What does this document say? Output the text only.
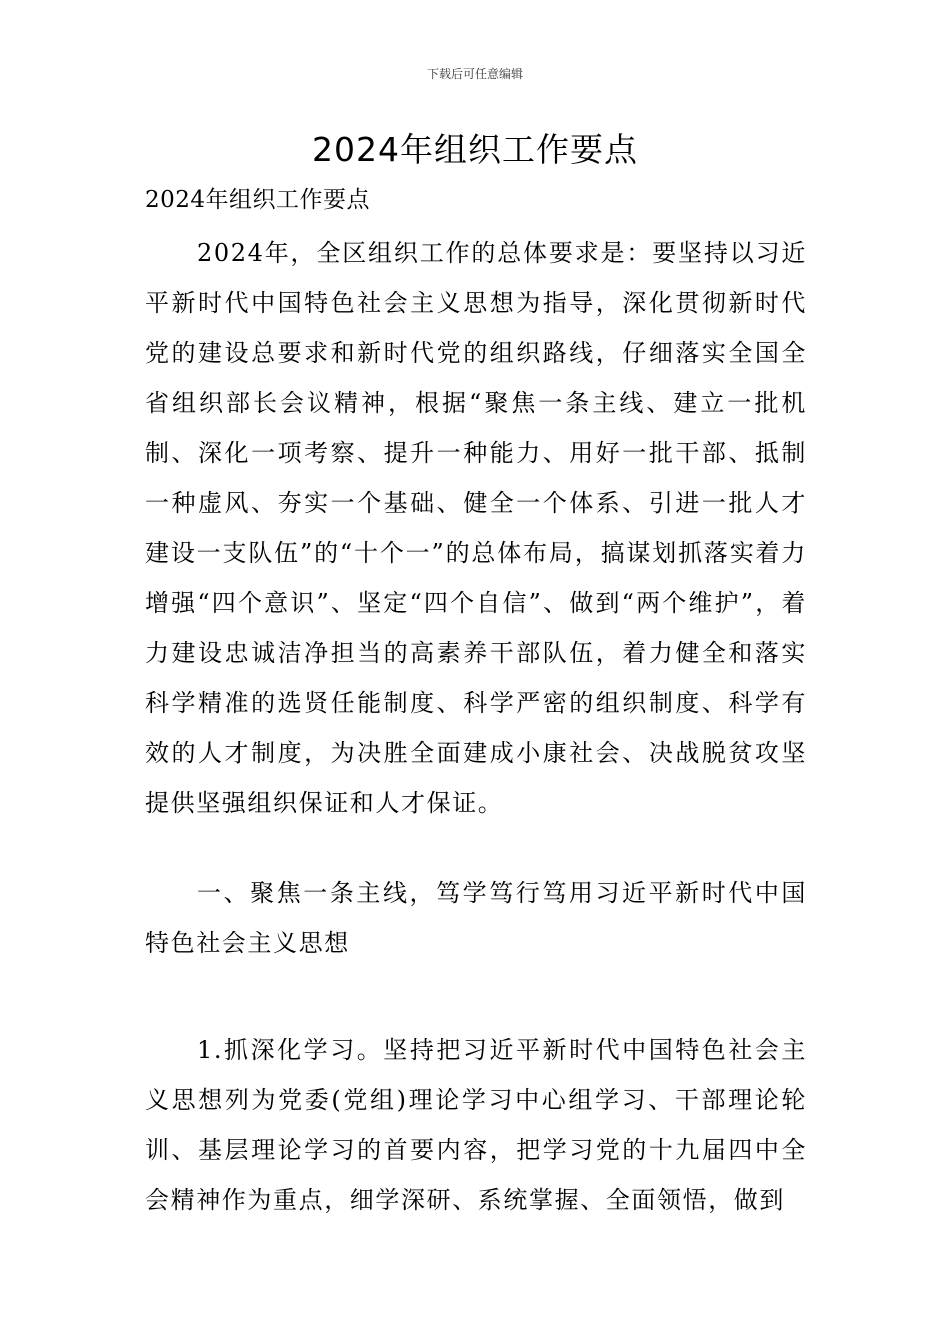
下载后可任意编辑
2024年组织工作要点
2024年组织工作要点
2024年，全区组织工作的总体要求是：要坚持以习近平新时代中国特色社会主义思想为指导，深化贯彻新时代党的建设总要求和新时代党的组织路线，仔细落实全国全省组织部长会议精神，根据“聚焦一条主线、建立一批机制、深化一项考察、提升一种能力、用好一批干部、抵制一种虚风、夯实一个基础、健全一个体系、引进一批人才建设一支队伍”的“十个一”的总体布局，搞谋划抓落实着力增强“四个意识”、坚定“四个自信”、做到“两个维护”，着力建设忠诚洁净担当的高素养干部队伍，着力健全和落实科学精准的选贤任能制度、科学严密的组织制度、科学有效的人才制度，为决胜全面建成小康社会、决战脱贫攻坚提供坚强组织保证和人才保证。
一、聚焦一条主线，笃学笃行笃用习近平新时代中国特色社会主义思想
1.抓深化学习。坚持把习近平新时代中国特色社会主义思想列为党委(党组)理论学习中心组学习、干部理论轮训、基层理论学习的首要内容，把学习党的十九届四中全会精神作为重点，细学深研、系统掌握、全面领悟，做到
